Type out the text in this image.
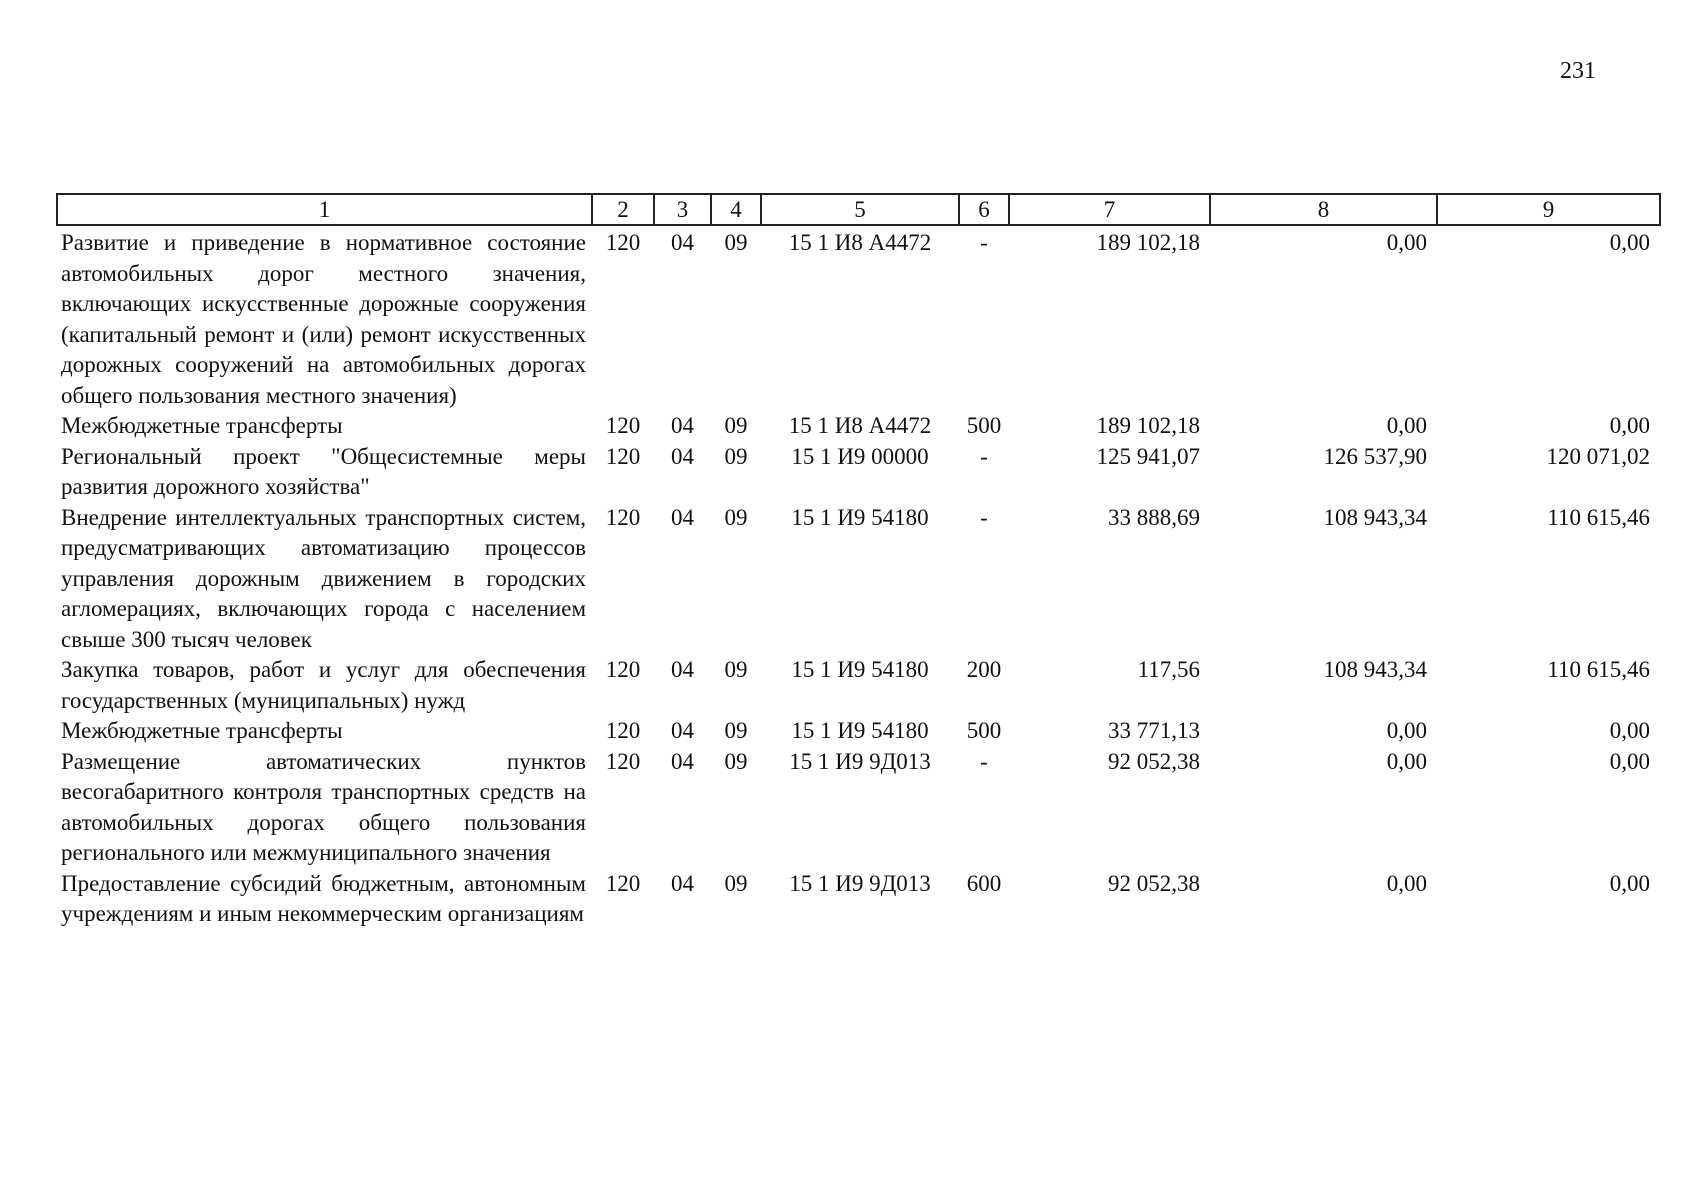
231
1	2	3	4	5	6	7	8	9
Развитие и приведение в нормативное состояние автомобильных дорог местного значения, включающих искусственные дорожные сооружения (капитальный ремонт и (или) ремонт искусственных дорожных сооружений на автомобильных дорогах общего пользования местного значения)	120	04	09	15 1 И8 А4472	-	189 102,18	0,00	0,00
Межбюджетные трансферты	120	04	09	15 1 И8 А4472	500	189 102,18	0,00	0,00
Региональный проект "Общесистемные меры развития дорожного хозяйства"	120	04	09	15 1 И9 00000	-	125 941,07	126 537,90	120 071,02
Внедрение интеллектуальных транспортных систем, предусматривающих автоматизацию процессов управления дорожным движением в городских агломерациях, включающих города с населением свыше 300 тысяч человек	120	04	09	15 1 И9 54180	-	33 888,69	108 943,34	110 615,46
Закупка товаров, работ и услуг для обеспечения государственных (муниципальных) нужд	120	04	09	15 1 И9 54180	200	117,56	108 943,34	110 615,46
Межбюджетные трансферты	120	04	09	15 1 И9 54180	500	33 771,13	0,00	0,00
Размещение автоматических пунктов весогабаритного контроля транспортных средств на автомобильных дорогах общего пользования регионального или межмуниципального значения	120	04	09	15 1 И9 9Д013	-	92 052,38	0,00	0,00
Предоставление субсидий бюджетным, автономным учреждениям и иным некоммерческим организациям	120	04	09	15 1 И9 9Д013	600	92 052,38	0,00	0,00
